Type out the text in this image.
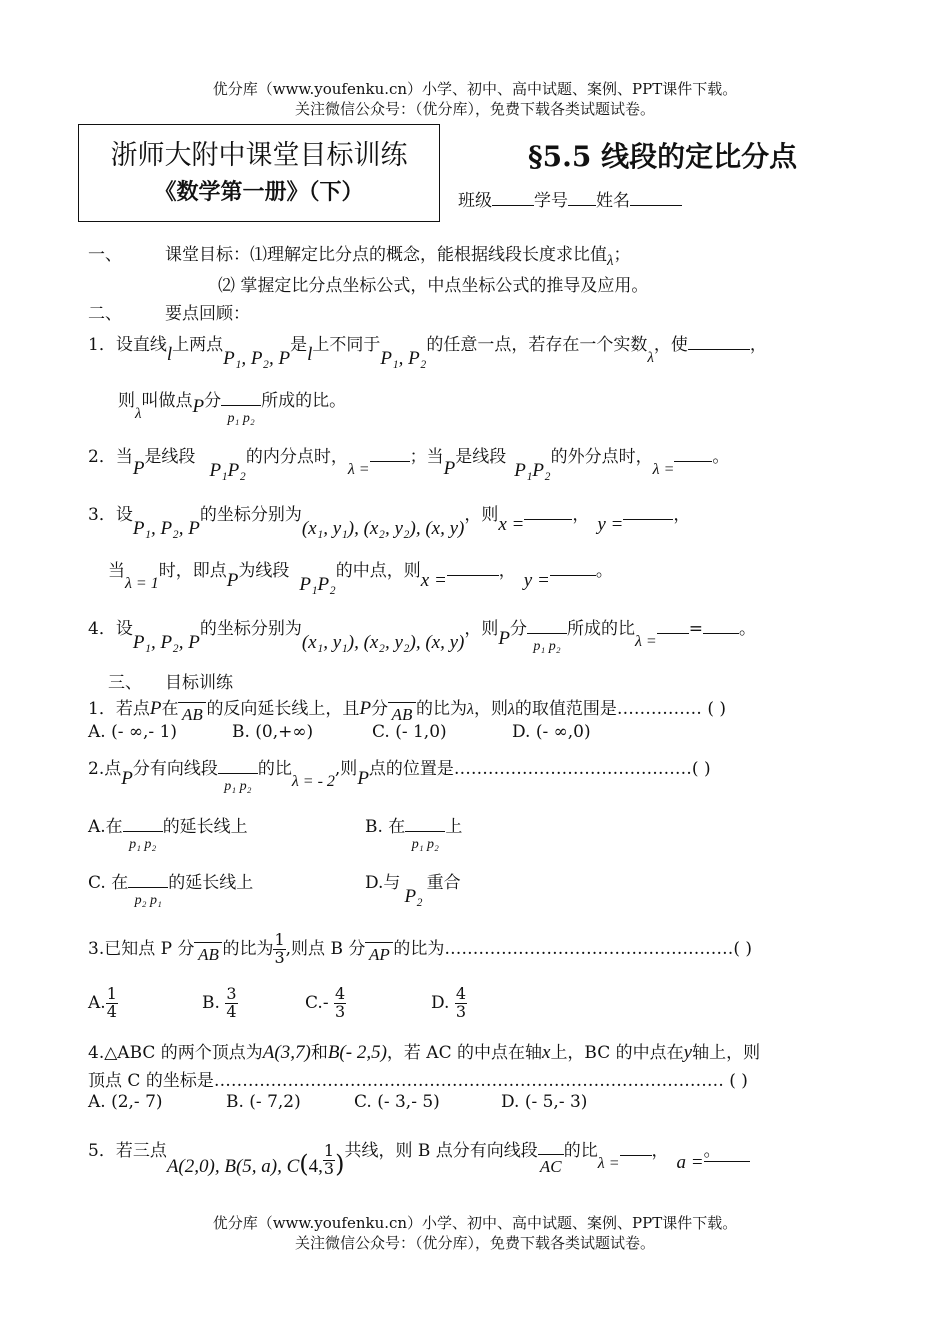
优分库（www.youfenku.cn）小学、初中、高中试题、案例、PPT课件下载。
关注微信公众号：（优分库），免费下载各类试题试卷。
浙师大附中课堂目标训练
《数学第一册》（下）
§5.5 线段的定比分点
班级 学号 姓名
一、	课堂目标：⑴理解定比分点的概念，能根据线段长度求比值λ；
⑵ 掌握定比分点坐标公式，中点坐标公式的推导及应用。
二、	要点回顾：
1．设直线l上两点P₁, P₂, P是l上不同于P₁, P₂的任意一点，若存在一个实数λ，使	，
则λ叫做点P分
p₁ p₂所成的比。
2．当P是线段P₁P₂的内分点时，λ =；当P是线段P₁P₂的外分点时，λ =。
3．设P₁, P₂, P的坐标分别为(x₁, y₁), (x₂, y₂), (x, y)，则x =	， y =	，
当λ = 1时，即点P为线段P₁P₂的中点，则x =	， y =	。
4．设P₁, P₂, P的坐标分别为(x₁, y₁), (x₂, y₂), (x, y)，则P分
p₁ p₂所成的比λ == 。
三、 目标训练
1．若点P在 AB 的反向延长线上，且P分 AB 的比为λ，则λ的取值范围是…………… ( )
A. (- ∞,- 1)	B. (0,+∞)	C. (- 1,0)	D. (- ∞,0)
2.点P分有向线段
p₁ p₂的比λ = - 2,则P点的位置是……………………………………( )
A.在
p₁ p₂的延长线上	B. 在
p₁ p₂上
C. 在
p₂ p₁的延长线上	D.与P₂重合
3.已知点 P 分 AB 的比为 $\frac{1}{3}$ ,则点 B 分 AP 的比为……………………………………………( )
A. $\frac{1}{4}$	B. $\frac{3}{4}$	$C.- \frac{4}{3}$	D. $\frac{4}{3}$
4.△ABC 的两个顶点为A(3,7)和B(- 2,5)，若 AC 的中点在轴x上，BC 的中点在y轴上，则
顶点 C 的坐标是……………………………………………………………………………… ( )
A. (2,- 7)	B. (- 7,2)	C. (- 3,- 5)	D. (- 5,- 3)
5．若三点A(2,0), B(5, a), C(4, $\frac{1}{3}$ )共线，则 B 点分有向线段
AC的比λ =，a =。
优分库（www.youfenku.cn）小学、初中、高中试题、案例、PPT课件下载。
关注微信公众号：（优分库），免费下载各类试题试卷。
